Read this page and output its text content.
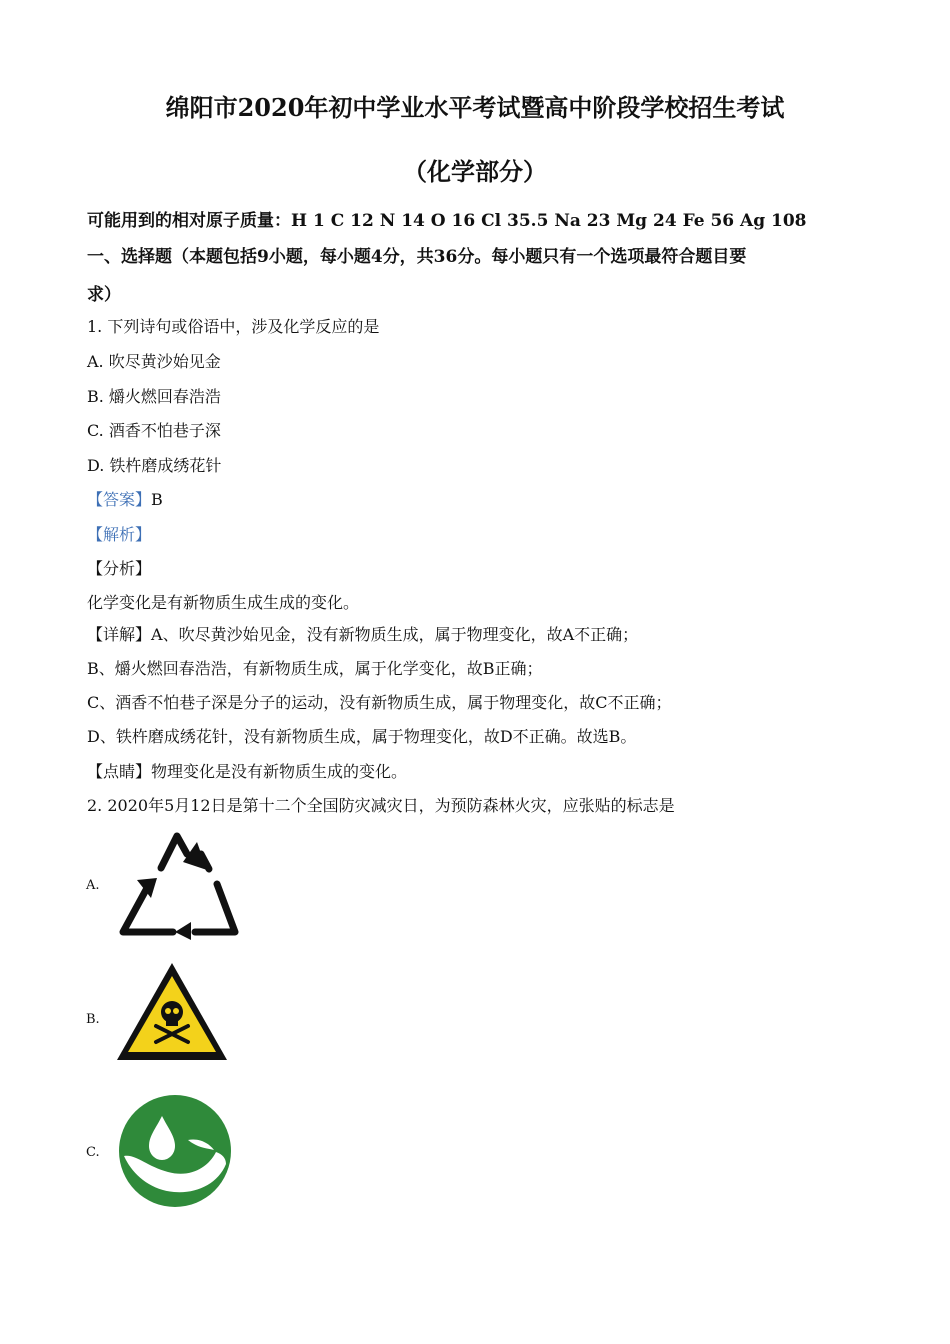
绵阳市2020年初中学业水平考试暨高中阶段学校招生考试
（化学部分）
可能用到的相对原子质量：H 1 C 12 N 14 O 16 Cl 35.5 Na 23 Mg 24 Fe 56 Ag 108
一、选择题（本题包括9小题，每小题4分，共36分。每小题只有一个选项最符合题目要
求）
1. 下列诗句或俗语中，涉及化学反应的是
A. 吹尽黄沙始见金
B. 爝火燃回春浩浩
C. 酒香不怕巷子深
D. 铁杵磨成绣花针
【答案】B
【解析】
【分析】
化学变化是有新物质生成生成的变化。
【详解】A、吹尽黄沙始见金，没有新物质生成，属于物理变化，故A不正确；
B、爝火燃回春浩浩，有新物质生成，属于化学变化，故B正确；
C、酒香不怕巷子深是分子的运动，没有新物质生成，属于物理变化，故C不正确；
D、铁杵磨成绣花针，没有新物质生成，属于物理变化，故D不正确。故选B。
【点睛】物理变化是没有新物质生成的变化。
2. 2020年5月12日是第十二个全国防灾减灾日，为预防森林火灾，应张贴的标志是
A.
B.
C.
